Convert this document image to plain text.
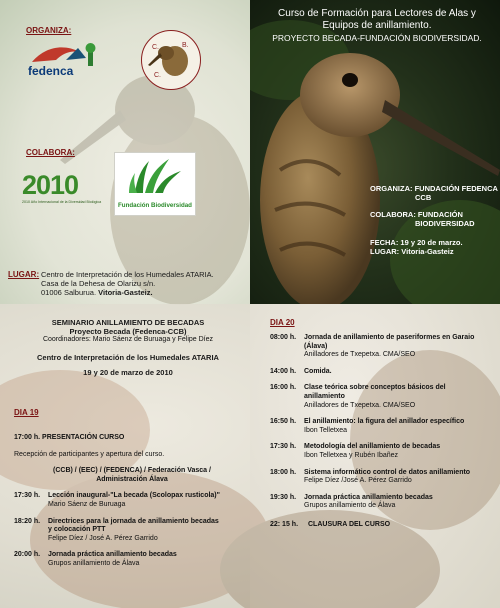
ORGANIZA:
fedenca
C.	B.
C.
COLABORA:
2010
2010 Año Internacional de la Diversidad Biológica	Fundación Biodiversidad
LUGAR: Centro de Interpretación de los Humedales ATARIA.
Casa de la Dehesa de Olarizu s/n.
01006 Salburua. Vitoria-Gasteiz.
Curso de Formación para Lectores de Alas y
Equipos de anillamiento.
PROYECTO BECADA-FUNDACIÓN BIODIVERSIDAD.
ORGANIZA: FUNDACIÓN FEDENCA
CCB
COLABORA: FUNDACIÓN
BIODIVERSIDAD
FECHA: 19 y 20 de marzo.
LUGAR: Vitoria-Gasteiz
SEMINARIO ANILLAMIENTO DE BECADAS
Proyecto Becada (Fedenca-CCB)
Coordinadores: Mario Sáenz de Buruaga y Felipe Díez
Centro de Interpretación de los Humedales ATARIA
19 y 20 de marzo de 2010
DIA 19
17:00 h. PRESENTACIÓN CURSO
Recepción de participantes y apertura del curso.
(CCB) / (EEC) / (FEDENCA) / Federación Vasca /
Administración Álava
17:30 h.	Lección inaugural-"La becada (Scolopax rusticola)"
Mario Sáenz de Buruaga
18:20 h.	Directrices para la jornada de anillamiento becadas
y colocación PTT
Felipe Díez / José A. Pérez Garrido
20:00 h.	Jornada práctica anillamiento becadas
Grupos anillamiento de Álava
DIA 20
08:00 h.	Jornada de anillamiento de paseriformes en Garaio
(Álava)
Anilladores de Txepetxa. CMA/SEO
14:00 h.	Comida.
16:00 h.	Clase teórica sobre conceptos básicos del
anillamiento
Anilladores de Txepetxa. CMA/SEO
16:50 h.	El anillamiento: la figura del anillador específico
Ibon Telletxea
17:30 h.	Metodología del anillamiento de becadas
Ibon Telletxea y Rubén Ibañez
18:00 h.	Sistema informático control de datos anillamiento
Felipe Díez /José A. Pérez Garrido
19:30 h.	Jornada práctica anillamiento becadas
Grupos anillamiento de Álava
22: 15 h.	CLAUSURA DEL CURSO
